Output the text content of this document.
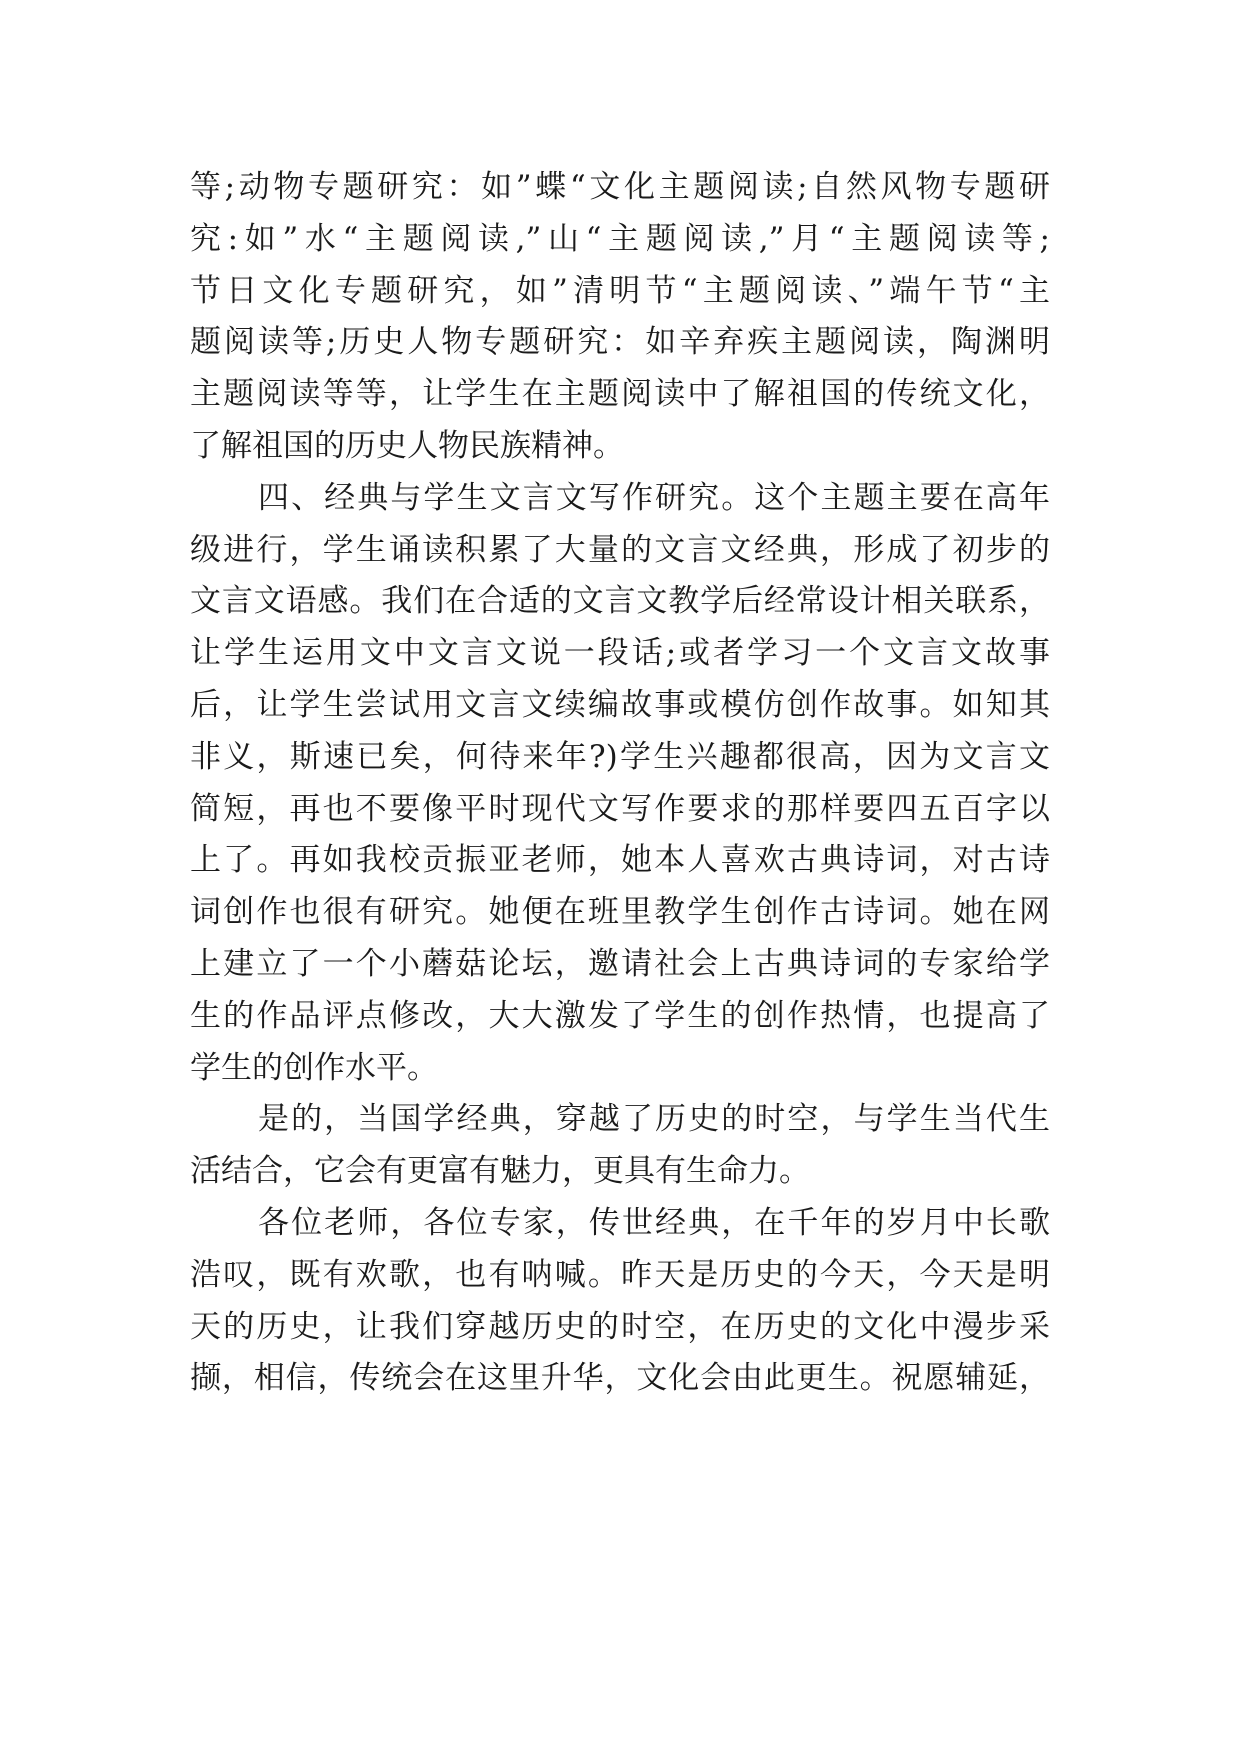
等;动物专题研究：如”蝶“文化主题阅读;自然风物专题研
究:如”水“主题阅读,”山“主题阅读,”月“主题阅读等;
节日文化专题研究，如”清明节“主题阅读、”端午节“主
题阅读等;历史人物专题研究：如辛弃疾主题阅读，陶渊明
主题阅读等等，让学生在主题阅读中了解祖国的传统文化，
了解祖国的历史人物民族精神。
四、经典与学生文言文写作研究。这个主题主要在高年
级进行，学生诵读积累了大量的文言文经典，形成了初步的
文言文语感。我们在合适的文言文教学后经常设计相关联系，
让学生运用文中文言文说一段话;或者学习一个文言文故事
后，让学生尝试用文言文续编故事或模仿创作故事。如知其
非义，斯速已矣，何待来年?)学生兴趣都很高，因为文言文
简短，再也不要像平时现代文写作要求的那样要四五百字以
上了。再如我校贡振亚老师，她本人喜欢古典诗词，对古诗
词创作也很有研究。她便在班里教学生创作古诗词。她在网
上建立了一个小蘑菇论坛，邀请社会上古典诗词的专家给学
生的作品评点修改，大大激发了学生的创作热情，也提高了
学生的创作水平。
是的，当国学经典，穿越了历史的时空，与学生当代生
活结合，它会有更富有魅力，更具有生命力。
各位老师，各位专家，传世经典，在千年的岁月中长歌
浩叹，既有欢歌，也有呐喊。昨天是历史的今天，今天是明
天的历史，让我们穿越历史的时空，在历史的文化中漫步采
撷，相信，传统会在这里升华，文化会由此更生。祝愿辅延，
